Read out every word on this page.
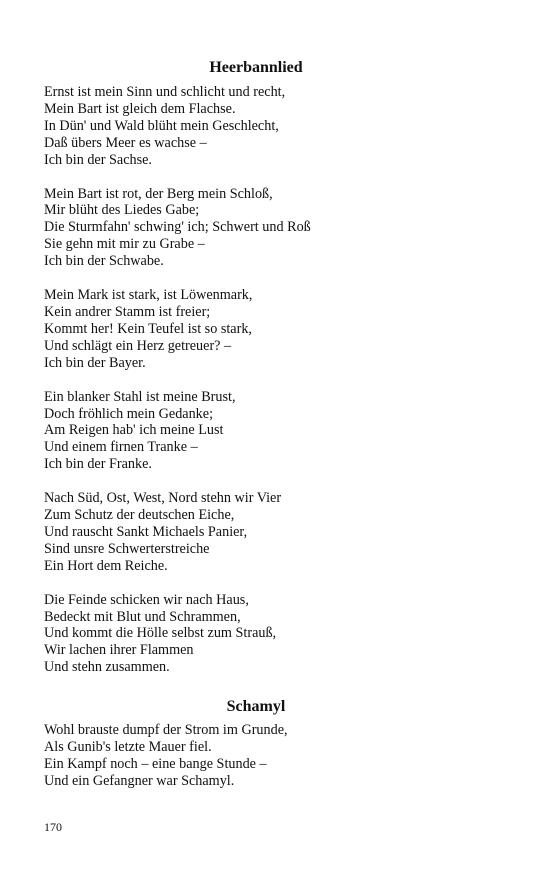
Heerbannlied
Ernst ist mein Sinn und schlicht und recht,
Mein Bart ist gleich dem Flachse.
In Dün' und Wald blüht mein Geschlecht,
Daß übers Meer es wachse –
Ich bin der Sachse.
Mein Bart ist rot, der Berg mein Schloß,
Mir blüht des Liedes Gabe;
Die Sturmfahn' schwing' ich; Schwert und Roß
Sie gehn mit mir zu Grabe –
Ich bin der Schwabe.
Mein Mark ist stark, ist Löwenmark,
Kein andrer Stamm ist freier;
Kommt her! Kein Teufel ist so stark,
Und schlägt ein Herz getreuer? –
Ich bin der Bayer.
Ein blanker Stahl ist meine Brust,
Doch fröhlich mein Gedanke;
Am Reigen hab' ich meine Lust
Und einem firnen Tranke –
Ich bin der Franke.
Nach Süd, Ost, West, Nord stehn wir Vier
Zum Schutz der deutschen Eiche,
Und rauscht Sankt Michaels Panier,
Sind unsre Schwerterstreiche
Ein Hort dem Reiche.
Die Feinde schicken wir nach Haus,
Bedeckt mit Blut und Schrammen,
Und kommt die Hölle selbst zum Strauß,
Wir lachen ihrer Flammen
Und stehn zusammen.
Schamyl
Wohl brauste dumpf der Strom im Grunde,
Als Gunib's letzte Mauer fiel.
Ein Kampf noch – eine bange Stunde –
Und ein Gefangner war Schamyl.
170
